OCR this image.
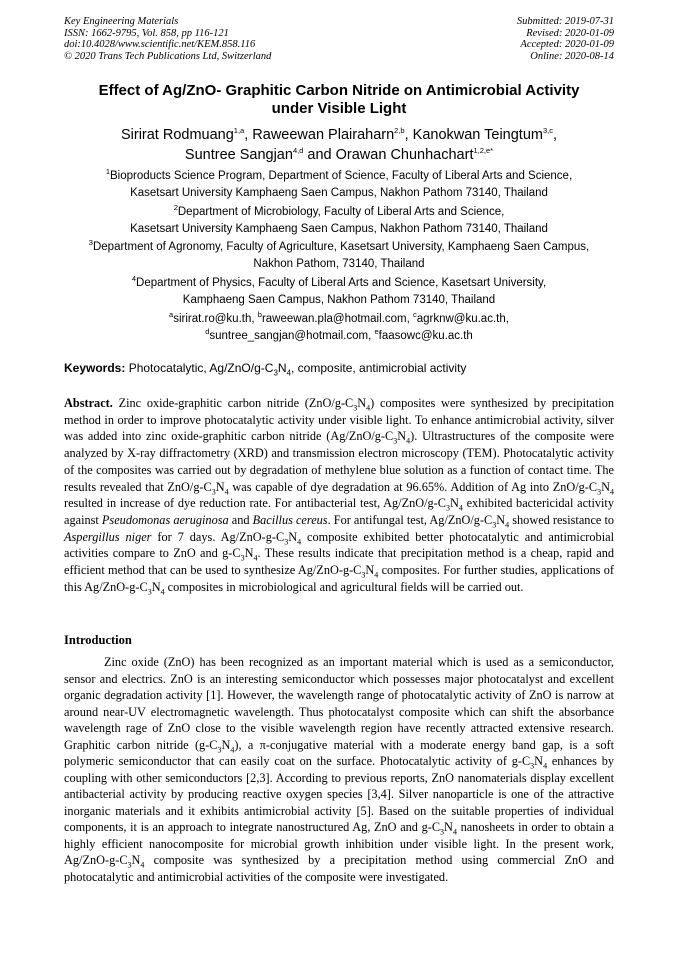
Key Engineering Materials
ISSN: 1662-9795, Vol. 858, pp 116-121
doi:10.4028/www.scientific.net/KEM.858.116
© 2020 Trans Tech Publications Ltd, Switzerland
Submitted: 2019-07-31
Revised: 2020-01-09
Accepted: 2020-01-09
Online: 2020-08-14
Effect of Ag/ZnO- Graphitic Carbon Nitride on Antimicrobial Activity
under Visible Light
Sirirat Rodmuang$^{1,a}$, Raweewan Plairaharn$^{2,b}$, Kanokwan Teingtum$^{3,c}$,
Suntree Sangjan$^{4,d}$ and Orawan Chunhachart$^{1,2,e*}$
$^1$Bioproducts Science Program, Department of Science, Faculty of Liberal Arts and Science,
Kasetsart University Kamphaeng Saen Campus, Nakhon Pathom 73140, Thailand
$^2$Department of Microbiology, Faculty of Liberal Arts and Science,
Kasetsart University Kamphaeng Saen Campus, Nakhon Pathom 73140, Thailand
$^3$Department of Agronomy, Faculty of Agriculture, Kasetsart University, Kamphaeng Saen Campus,
Nakhon Pathom, 73140, Thailand
$^4$Department of Physics, Faculty of Liberal Arts and Science, Kasetsart University,
Kamphaeng Saen Campus, Nakhon Pathom 73140, Thailand
$^a$sirirat.ro@ku.th, $^b$raweewan.pla@hotmail.com, $^c$agrknw@ku.ac.th,
$^d$suntree_sangjan@hotmail.com, $^e$faasowc@ku.ac.th
Keywords: Photocatalytic, $Ag/ZnO/g-C_3N_4$, composite, antimicrobial activity
Abstract. Zinc oxide-graphitic carbon nitride $(ZnO/g-C_3N_4)$ composites were synthesized by precipitation method in order to improve photocatalytic activity under visible light. To enhance antimicrobial activity, silver was added into zinc oxide-graphitic carbon nitride $(Ag/ZnO/g-C_3N_4)$. Ultrastructures of the composite were analyzed by X-ray diffractometry (XRD) and transmission electron microscopy (TEM). Photocatalytic activity of the composites was carried out by degradation of methylene blue solution as a function of contact time. The results revealed that ZnO/$g-C_3N_4$ was capable of dye degradation at 96.65%. Addition of Ag into ZnO/$g-C_3N_4$ resulted in increase of dye reduction rate. For antibacterial test, $Ag/ZnO/g-C_3N_4$ exhibited bactericidal activity against Pseudomonas aeruginosa and Bacillus cereus. For antifungal test, $Ag/ZnO/g-C_3N_4$ showed resistance to Aspergillus niger for 7 days. $Ag/ZnO-g-C_3N_4$ composite exhibited better photocatalytic and antimicrobial activities compare to ZnO and $g-C_3N_4$. These results indicate that precipitation method is a cheap, rapid and efficient method that can be used to synthesize $Ag/ZnO-g-C_3N_4$ composites. For further studies, applications of this $Ag/ZnO-g-C_3N_4$ composites in microbiological and agricultural fields will be carried out.
Introduction
Zinc oxide (ZnO) has been recognized as an important material which is used as a semiconductor, sensor and electrics. ZnO is an interesting semiconductor which possesses major photocatalyst and excellent organic degradation activity [1]. However, the wavelength range of photocatalytic activity of ZnO is narrow at around near-UV electromagnetic wavelength. Thus photocatalyst composite which can shift the absorbance wavelength rage of ZnO close to the visible wavelength region have recently attracted extensive research. Graphitic carbon nitride $(g-C_3N_4)$, a π-conjugative material with a moderate energy band gap, is a soft polymeric semiconductor that can easily coat on the surface. Photocatalytic activity of $g-C_3N_4$ enhances by coupling with other semiconductors [2,3]. According to previous reports, ZnO nanomaterials display excellent antibacterial activity by producing reactive oxygen species [3,4]. Silver nanoparticle is one of the attractive inorganic materials and it exhibits antimicrobial activity [5]. Based on the suitable properties of individual components, it is an approach to integrate nanostructured Ag, ZnO and $g-C_3N_4$ nanosheets in order to obtain a highly efficient nanocomposite for microbial growth inhibition under visible light. In the present work, $Ag/ZnO-g-C_3N_4$ composite was synthesized by a precipitation method using commercial ZnO and photocatalytic and antimicrobial activities of the composite were investigated.
